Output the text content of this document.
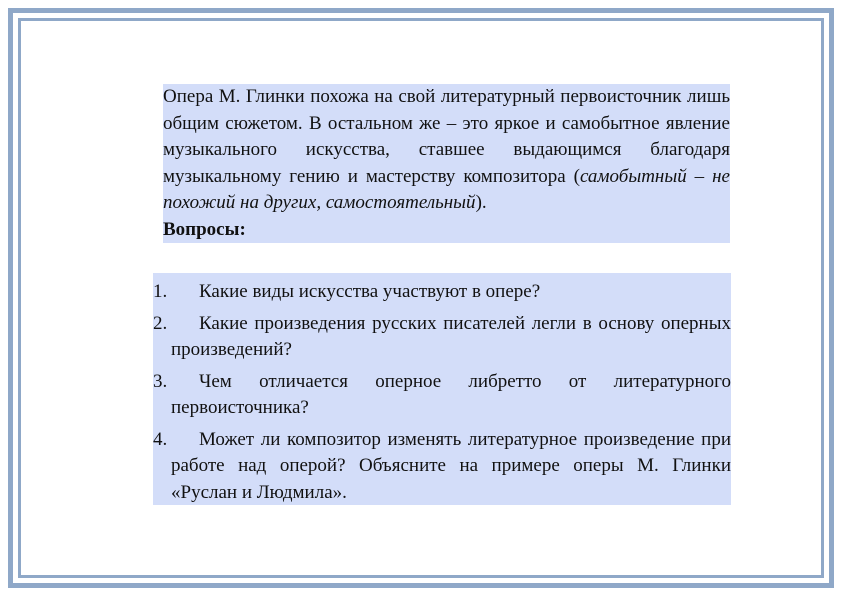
Опера М. Глинки похожа на свой литературный первоисточник лишь общим сюжетом. В остальном же – это яркое и самобытное явление музыкального искусства, ставшее выдающимся благодаря музыкальному гению и мастерству композитора (самобытный – не похожий на других, самостоятельный).

Вопросы:

1. Какие виды искусства участвуют в опере?
2. Какие произведения русских писателей легли в основу оперных произведений?
3. Чем отличается оперное либретто от литературного первоисточника?
4. Может ли композитор изменять литературное произведение при работе над оперой? Объясните на примере оперы М. Глинки «Руслан и Людмила».
